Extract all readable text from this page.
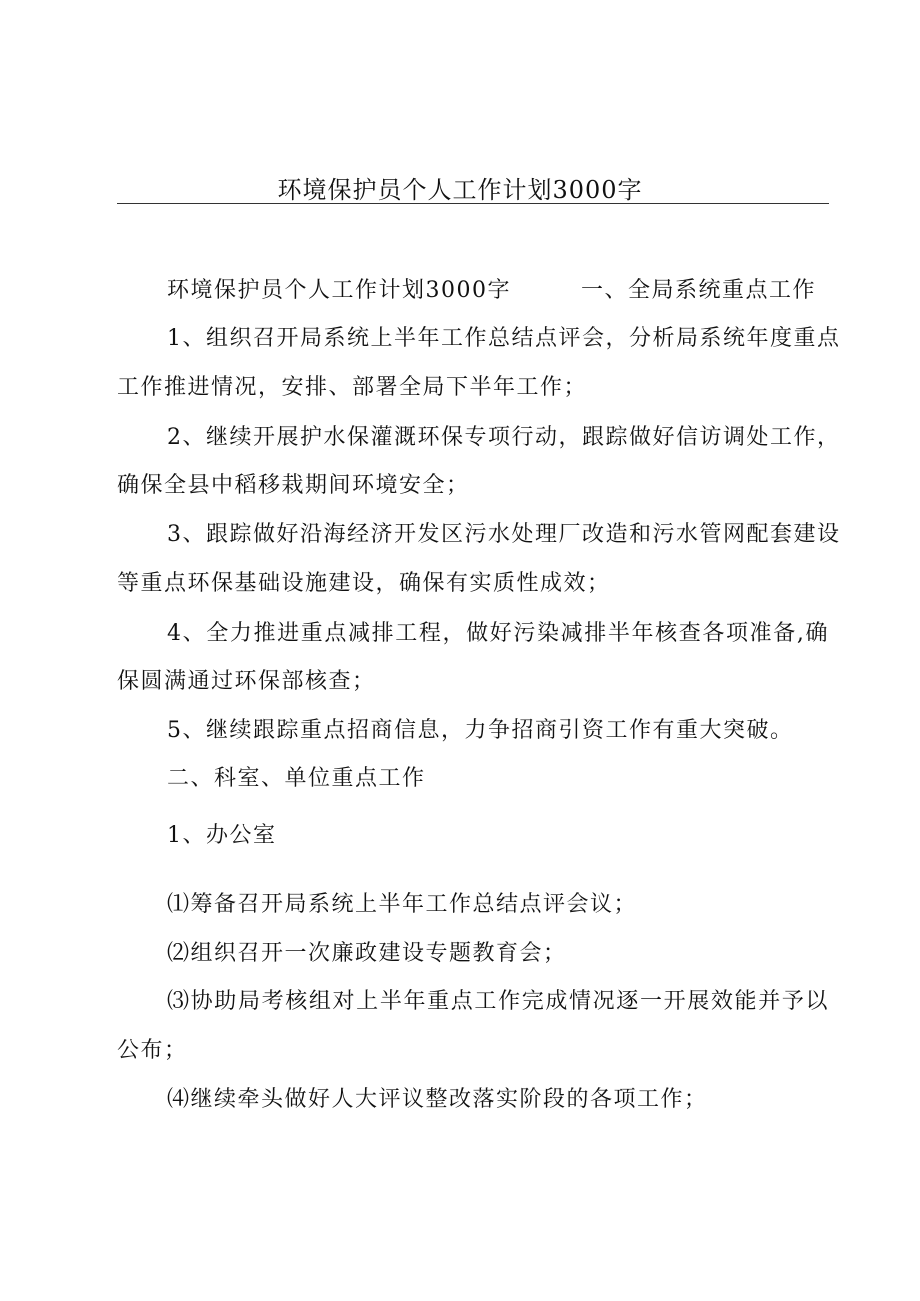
环境保护员个人工作计划3000字
环境保护员个人工作计划3000字	一、全局系统重点工作
1、组织召开局系统上半年工作总结点评会，分析局系统年度重点
工作推进情况，安排、部署全局下半年工作；
2、继续开展护水保灌溉环保专项行动，跟踪做好信访调处工作，
确保全县中稻移栽期间环境安全；
3、跟踪做好沿海经济开发区污水处理厂改造和污水管网配套建设
等重点环保基础设施建设，确保有实质性成效；
4、全力推进重点减排工程，做好污染减排半年核查各项准备,确
保圆满通过环保部核查；
5、继续跟踪重点招商信息，力争招商引资工作有重大突破。
二、科室、单位重点工作
1、办公室
⑴筹备召开局系统上半年工作总结点评会议；
⑵组织召开一次廉政建设专题教育会；
⑶协助局考核组对上半年重点工作完成情况逐一开展效能并予以
公布；
⑷继续牵头做好人大评议整改落实阶段的各项工作；
